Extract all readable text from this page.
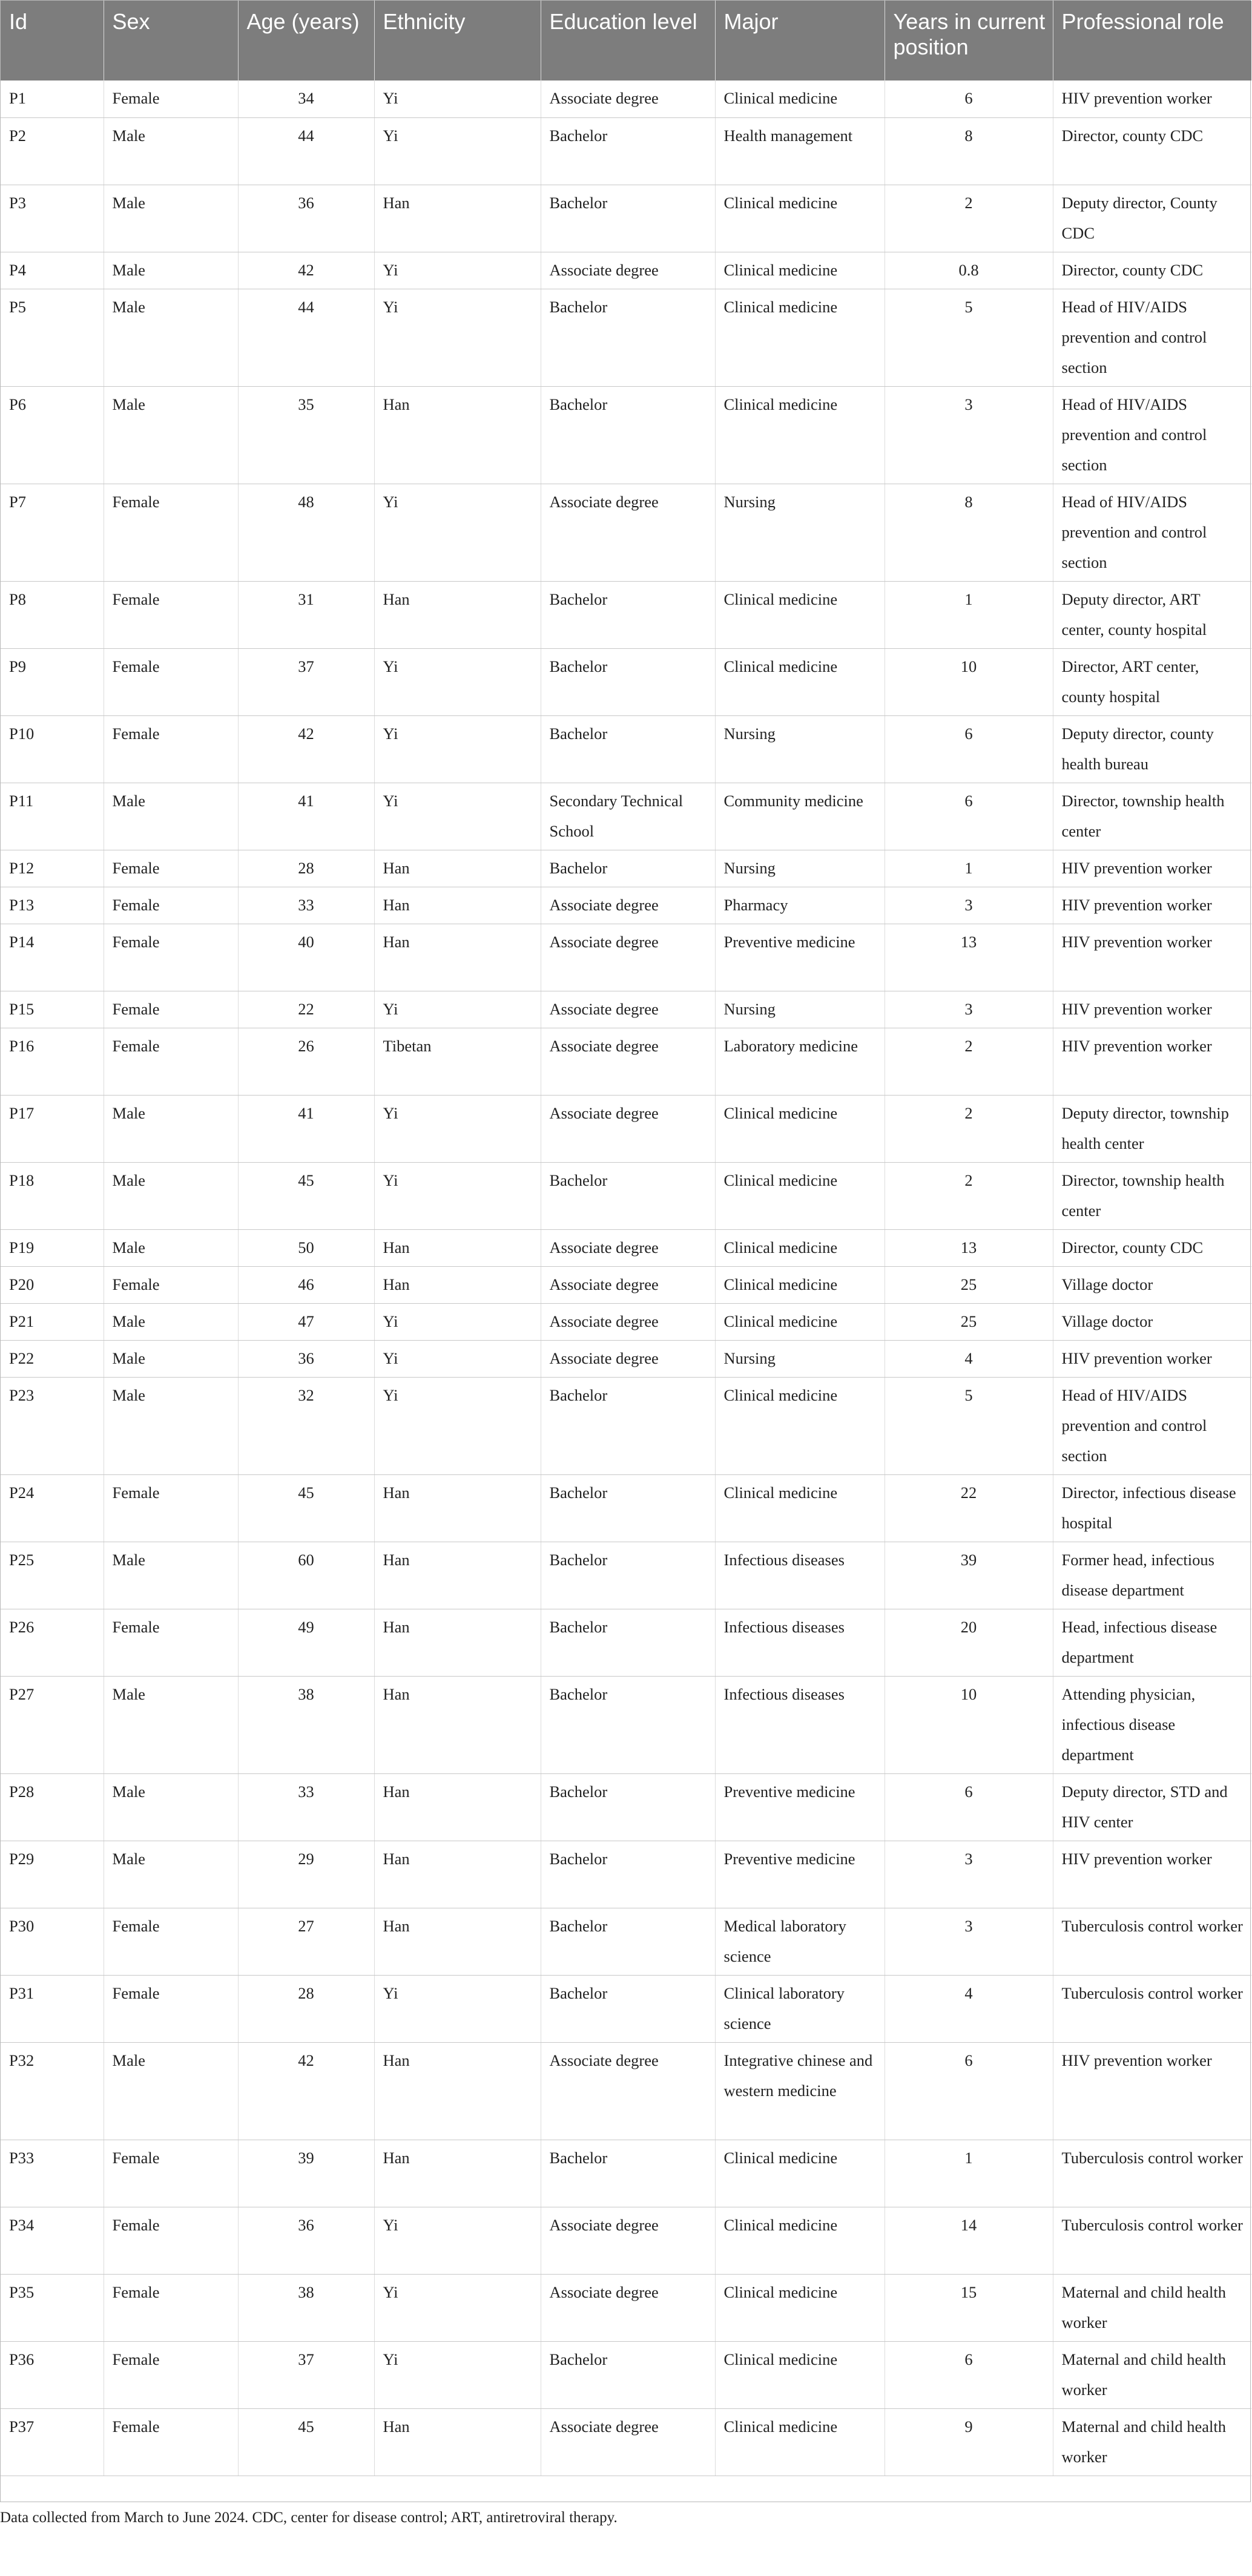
Id	Sex	Age (years)	Ethnicity	Education level	Major	Years in current position	Professional role
P1	Female	34	Yi	Associate degree	Clinical medicine	6	HIV prevention worker
P2	Male	44	Yi	Bachelor	Health management	8	Director, county CDC
P3	Male	36	Han	Bachelor	Clinical medicine	2	Deputy director, County CDC
P4	Male	42	Yi	Associate degree	Clinical medicine	0.8	Director, county CDC
P5	Male	44	Yi	Bachelor	Clinical medicine	5	Head of HIV/AIDS prevention and control section
P6	Male	35	Han	Bachelor	Clinical medicine	3	Head of HIV/AIDS prevention and control section
P7	Female	48	Yi	Associate degree	Nursing	8	Head of HIV/AIDS prevention and control section
P8	Female	31	Han	Bachelor	Clinical medicine	1	Deputy director, ART center, county hospital
P9	Female	37	Yi	Bachelor	Clinical medicine	10	Director, ART center, county hospital
P10	Female	42	Yi	Bachelor	Nursing	6	Deputy director, county health bureau
P11	Male	41	Yi	Secondary Technical School	Community medicine	6	Director, township health center
P12	Female	28	Han	Bachelor	Nursing	1	HIV prevention worker
P13	Female	33	Han	Associate degree	Pharmacy	3	HIV prevention worker
P14	Female	40	Han	Associate degree	Preventive medicine	13	HIV prevention worker
P15	Female	22	Yi	Associate degree	Nursing	3	HIV prevention worker
P16	Female	26	Tibetan	Associate degree	Laboratory medicine	2	HIV prevention worker
P17	Male	41	Yi	Associate degree	Clinical medicine	2	Deputy director, township health center
P18	Male	45	Yi	Bachelor	Clinical medicine	2	Director, township health center
P19	Male	50	Han	Associate degree	Clinical medicine	13	Director, county CDC
P20	Female	46	Han	Associate degree	Clinical medicine	25	Village doctor
P21	Male	47	Yi	Associate degree	Clinical medicine	25	Village doctor
P22	Male	36	Yi	Associate degree	Nursing	4	HIV prevention worker
P23	Male	32	Yi	Bachelor	Clinical medicine	5	Head of HIV/AIDS prevention and control section
P24	Female	45	Han	Bachelor	Clinical medicine	22	Director, infectious disease hospital
P25	Male	60	Han	Bachelor	Infectious diseases	39	Former head, infectious disease department
P26	Female	49	Han	Bachelor	Infectious diseases	20	Head, infectious disease department
P27	Male	38	Han	Bachelor	Infectious diseases	10	Attending physician, infectious disease department
P28	Male	33	Han	Bachelor	Preventive medicine	6	Deputy director, STD and HIV center
P29	Male	29	Han	Bachelor	Preventive medicine	3	HIV prevention worker
P30	Female	27	Han	Bachelor	Medical laboratory science	3	Tuberculosis control worker
P31	Female	28	Yi	Bachelor	Clinical laboratory science	4	Tuberculosis control worker
P32	Male	42	Han	Associate degree	Integrative chinese and western medicine	6	HIV prevention worker
P33	Female	39	Han	Bachelor	Clinical medicine	1	Tuberculosis control worker
P34	Female	36	Yi	Associate degree	Clinical medicine	14	Tuberculosis control worker
P35	Female	38	Yi	Associate degree	Clinical medicine	15	Maternal and child health worker
P36	Female	37	Yi	Bachelor	Clinical medicine	6	Maternal and child health worker
P37	Female	45	Han	Associate degree	Clinical medicine	9	Maternal and child health worker

Data collected from March to June 2024. CDC, center for disease control; ART, antiretroviral therapy.
